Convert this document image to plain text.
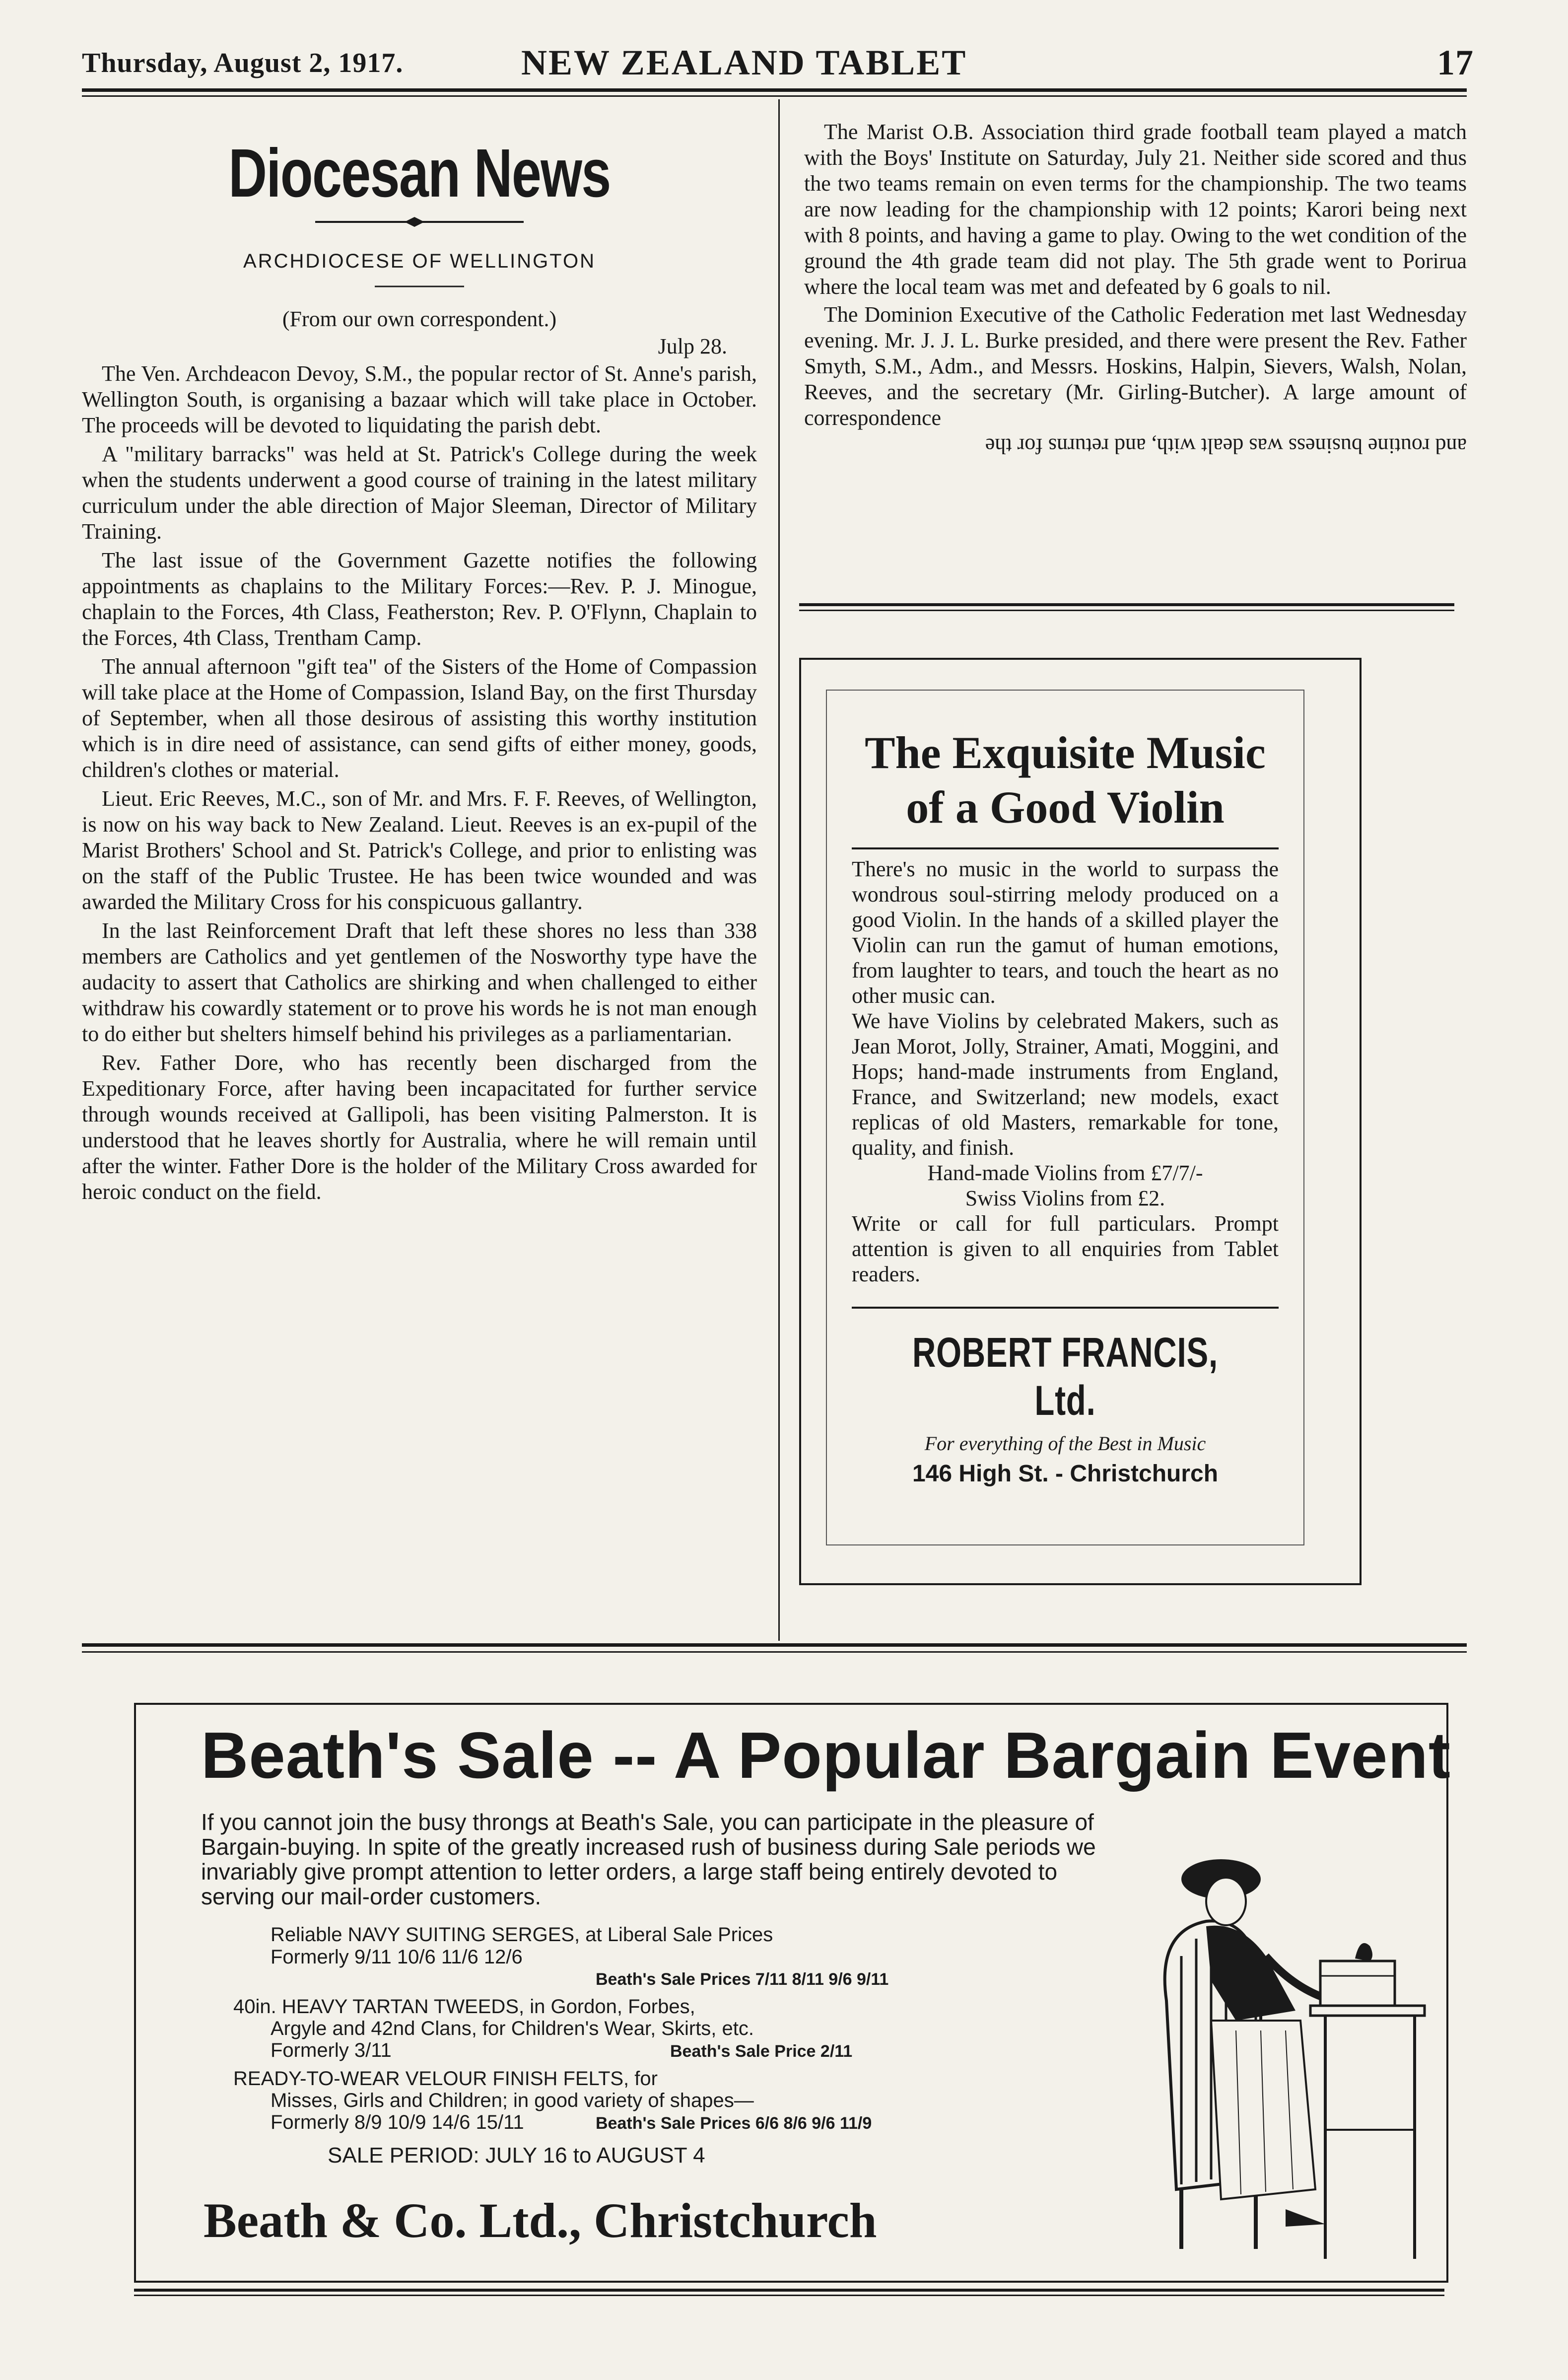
Thursday, August 2, 1917.	NEW ZEALAND TABLET	17
Diocesan News
ARCHDIOCESE OF WELLINGTON
(From our own correspondent.)
Julp 28.

The Ven. Archdeacon Devoy, S.M., the popular rector of St. Anne's parish, Wellington South, is organising a bazaar which will take place in October. The proceeds will be devoted to liquidating the parish debt.

A "military barracks" was held at St. Patrick's College during the week when the students underwent a good course of training in the latest military curriculum under the able direction of Major Sleeman, Director of Military Training.

The last issue of the Government Gazette notifies the following appointments as chaplains to the Military Forces:—Rev. P. J. Minogue, chaplain to the Forces, 4th Class, Featherston; Rev. P. O'Flynn, Chaplain to the Forces, 4th Class, Trentham Camp.

The annual afternoon "gift tea" of the Sisters of the Home of Compassion will take place at the Home of Compassion, Island Bay, on the first Thursday of September, when all those desirous of assisting this worthy institution which is in dire need of assistance, can send gifts of either money, goods, children's clothes or material.

Lieut. Eric Reeves, M.C., son of Mr. and Mrs. F. F. Reeves, of Wellington, is now on his way back to New Zealand. Lieut. Reeves is an ex-pupil of the Marist Brothers' School and St. Patrick's College, and prior to enlisting was on the staff of the Public Trustee. He has been twice wounded and was awarded the Military Cross for his conspicuous gallantry.

In the last Reinforcement Draft that left these shores no less than 338 members are Catholics and yet gentlemen of the Nosworthy type have the audacity to assert that Catholics are shirking and when challenged to either withdraw his cowardly statement or to prove his words he is not man enough to do either but shelters himself behind his privileges as a parliamentarian.

Rev. Father Dore, who has recently been discharged from the Expeditionary Force, after having been incapacitated for further service through wounds received at Gallipoli, has been visiting Palmerston. It is understood that he leaves shortly for Australia, where he will remain until after the winter. Father Dore is the holder of the Military Cross awarded for heroic conduct on the field.

The Marist O.B. Association third grade football team played a match with the Boys' Institute on Saturday, July 21. Neither side scored and thus the two teams remain on even terms for the championship. The two teams are now leading for the championship with 12 points; Karori being next with 8 points, and having a game to play. Owing to the wet condition of the ground the 4th grade team did not play. The 5th grade went to Porirua where the local team was met and defeated by 6 goals to nil.

The Dominion Executive of the Catholic Federation met last Wednesday evening. Mr. J. J. L. Burke presided, and there were present the Rev. Father Smyth, S.M., Adm., and Messrs. Hoskins, Halpin, Sievers, Walsh, Nolan, Reeves, and the secretary (Mr. Girling-Butcher). A large amount of correspondence

and routine business was dealt with, and returns for the
The Exquisite Music
of a Good Violin
There's no music in the world to surpass the wondrous soul-stirring melody produced on a good Violin. In the hands of a skilled player the Violin can run the gamut of human emotions, from laughter to tears, and touch the heart as no other music can.
We have Violins by celebrated Makers, such as Jean Morot, Jolly, Strainer, Amati, Moggini, and Hops; hand-made instruments from England, France, and Switzerland; new models, exact replicas of old Masters, remarkable for tone, quality, and finish.
Hand-made Violins from £7/7/-
Swiss Violins from £2.
Write or call for full particulars. Prompt attention is given to all enquiries from Tablet readers.
ROBERT FRANCIS, Ltd.
For everything of the Best in Music
146 High St. - Christchurch
Beath's Sale -- A Popular Bargain Event
If you cannot join the busy throngs at Beath's Sale, you can participate in the pleasure of Bargain-buying. In spite of the greatly increased rush of business during Sale periods we invariably give prompt attention to letter orders, a large staff being entirely devoted to serving our mail-order customers.
Reliable NAVY SUITING SERGES, at Liberal Sale Prices
Formerly 9/11 10/6 11/6 12/6
Beath's Sale Prices 7/11 8/11 9/6 9/11
40in. HEAVY TARTAN TWEEDS, in Gordon, Forbes,
Argyle and 42nd Clans, for Children's Wear, Skirts, etc.
Formerly 3/11	Beath's Sale Price 2/11
READY-TO-WEAR VELOUR FINISH FELTS, for
Misses, Girls and Children; in good variety of shapes—
Formerly 8/9 10/9 14/6 15/11	Beath's Sale Prices 6/6 8/6 9/6 11/9
SALE PERIOD: JULY 16 to AUGUST 4
Beath & Co. Ltd., Christchurch
